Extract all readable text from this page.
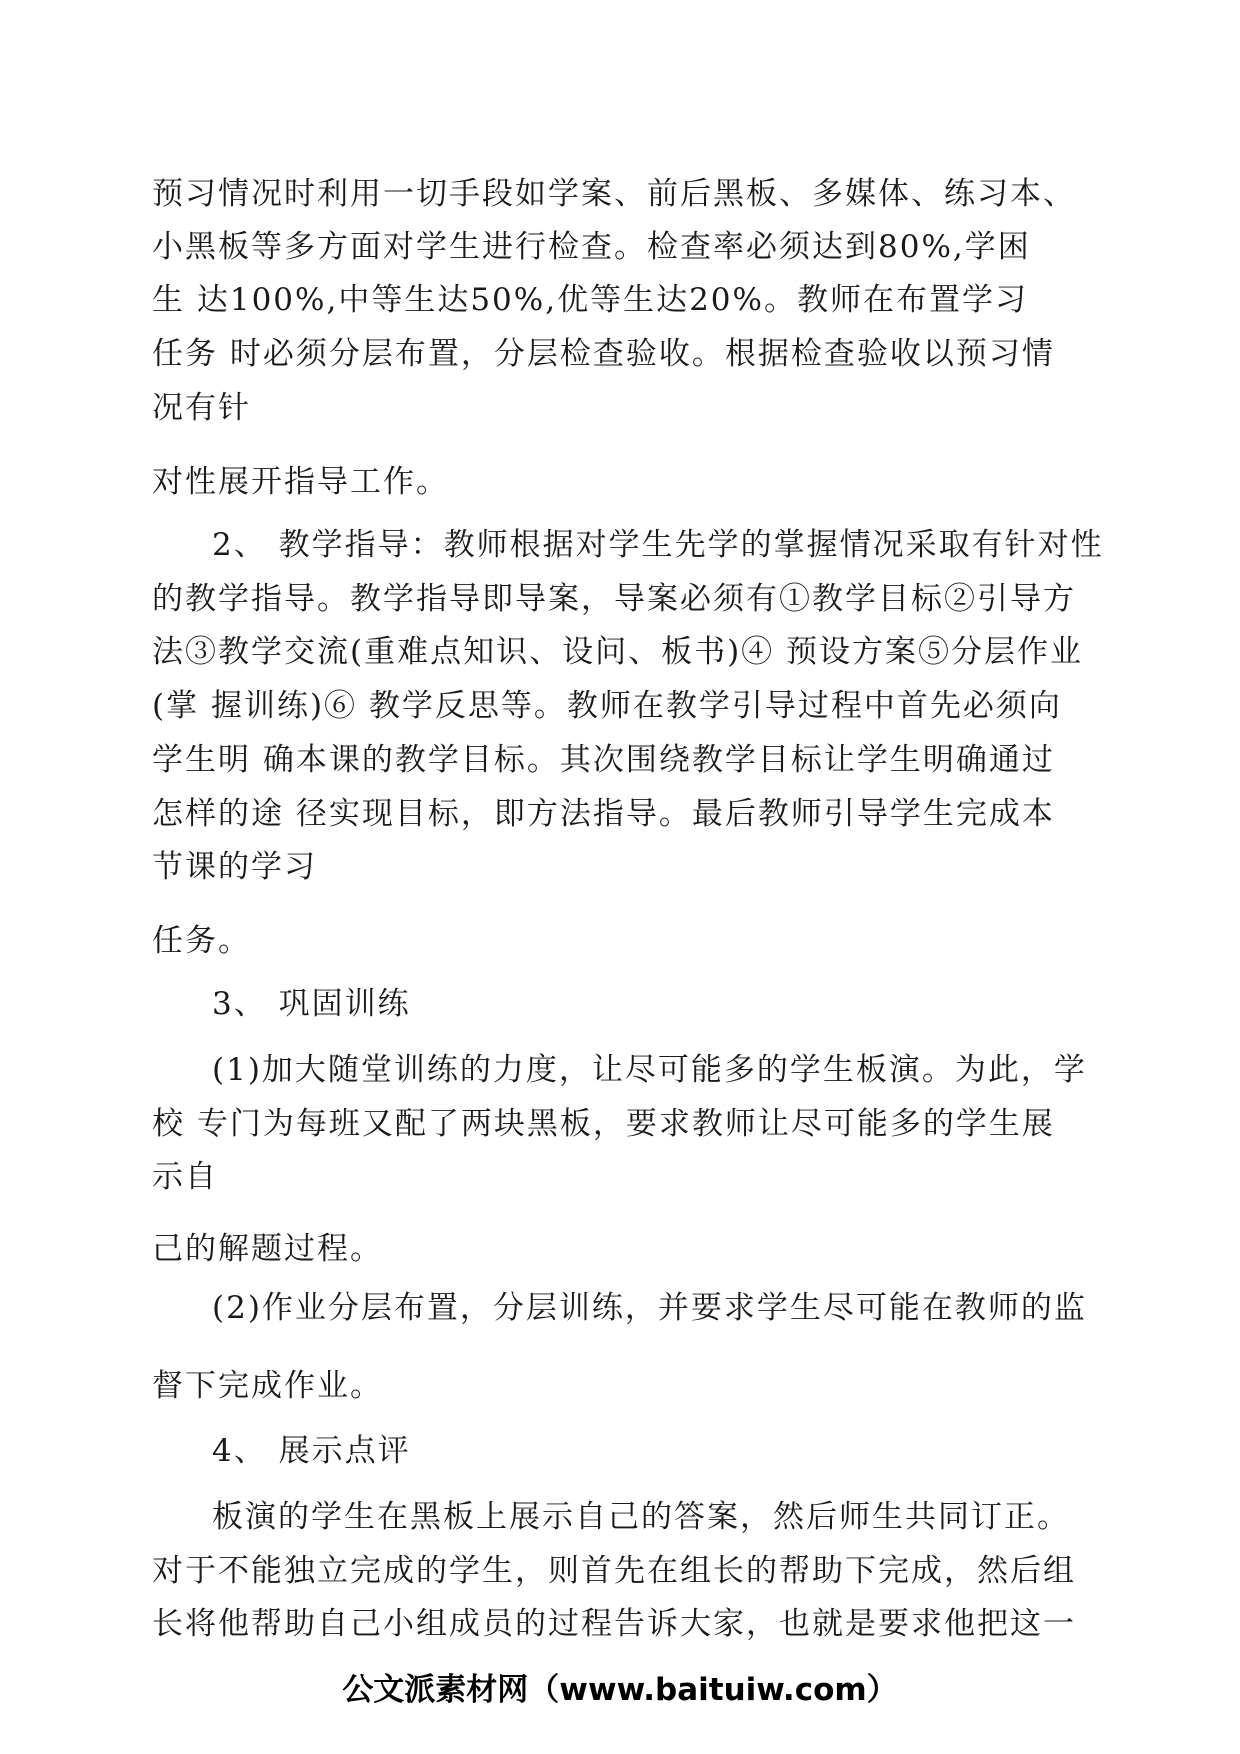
预习情况时利用一切手段如学案、前后黑板、多媒体、练习本、
小黑板等多方面对学生进行检查。检查率必须达到80%,学困
生 达100%,中等生达50%,优等生达20%。教师在布置学习
任务 时必须分层布置，分层检查验收。根据检查验收以预习情
况有针
对性展开指导工作。
2、 教学指导：教师根据对学生先学的掌握情况采取有针对性
的教学指导。教学指导即导案，导案必须有①教学目标②引导方
法③教学交流(重难点知识、设问、板书)④ 预设方案⑤分层作业
(掌 握训练)⑥ 教学反思等。教师在教学引导过程中首先必须向
学生明 确本课的教学目标。其次围绕教学目标让学生明确通过
怎样的途 径实现目标，即方法指导。最后教师引导学生完成本
节课的学习
任务。
3、 巩固训练
(1)加大随堂训练的力度，让尽可能多的学生板演。为此，学
校 专门为每班又配了两块黑板，要求教师让尽可能多的学生展
示自
己的解题过程。
(2)作业分层布置，分层训练，并要求学生尽可能在教师的监
督下完成作业。
4、 展示点评
板演的学生在黑板上展示自己的答案，然后师生共同订正。
对于不能独立完成的学生，则首先在组长的帮助下完成，然后组
长将他帮助自己小组成员的过程告诉大家，也就是要求他把这一
公文派素材网（www.baituiw.com）
